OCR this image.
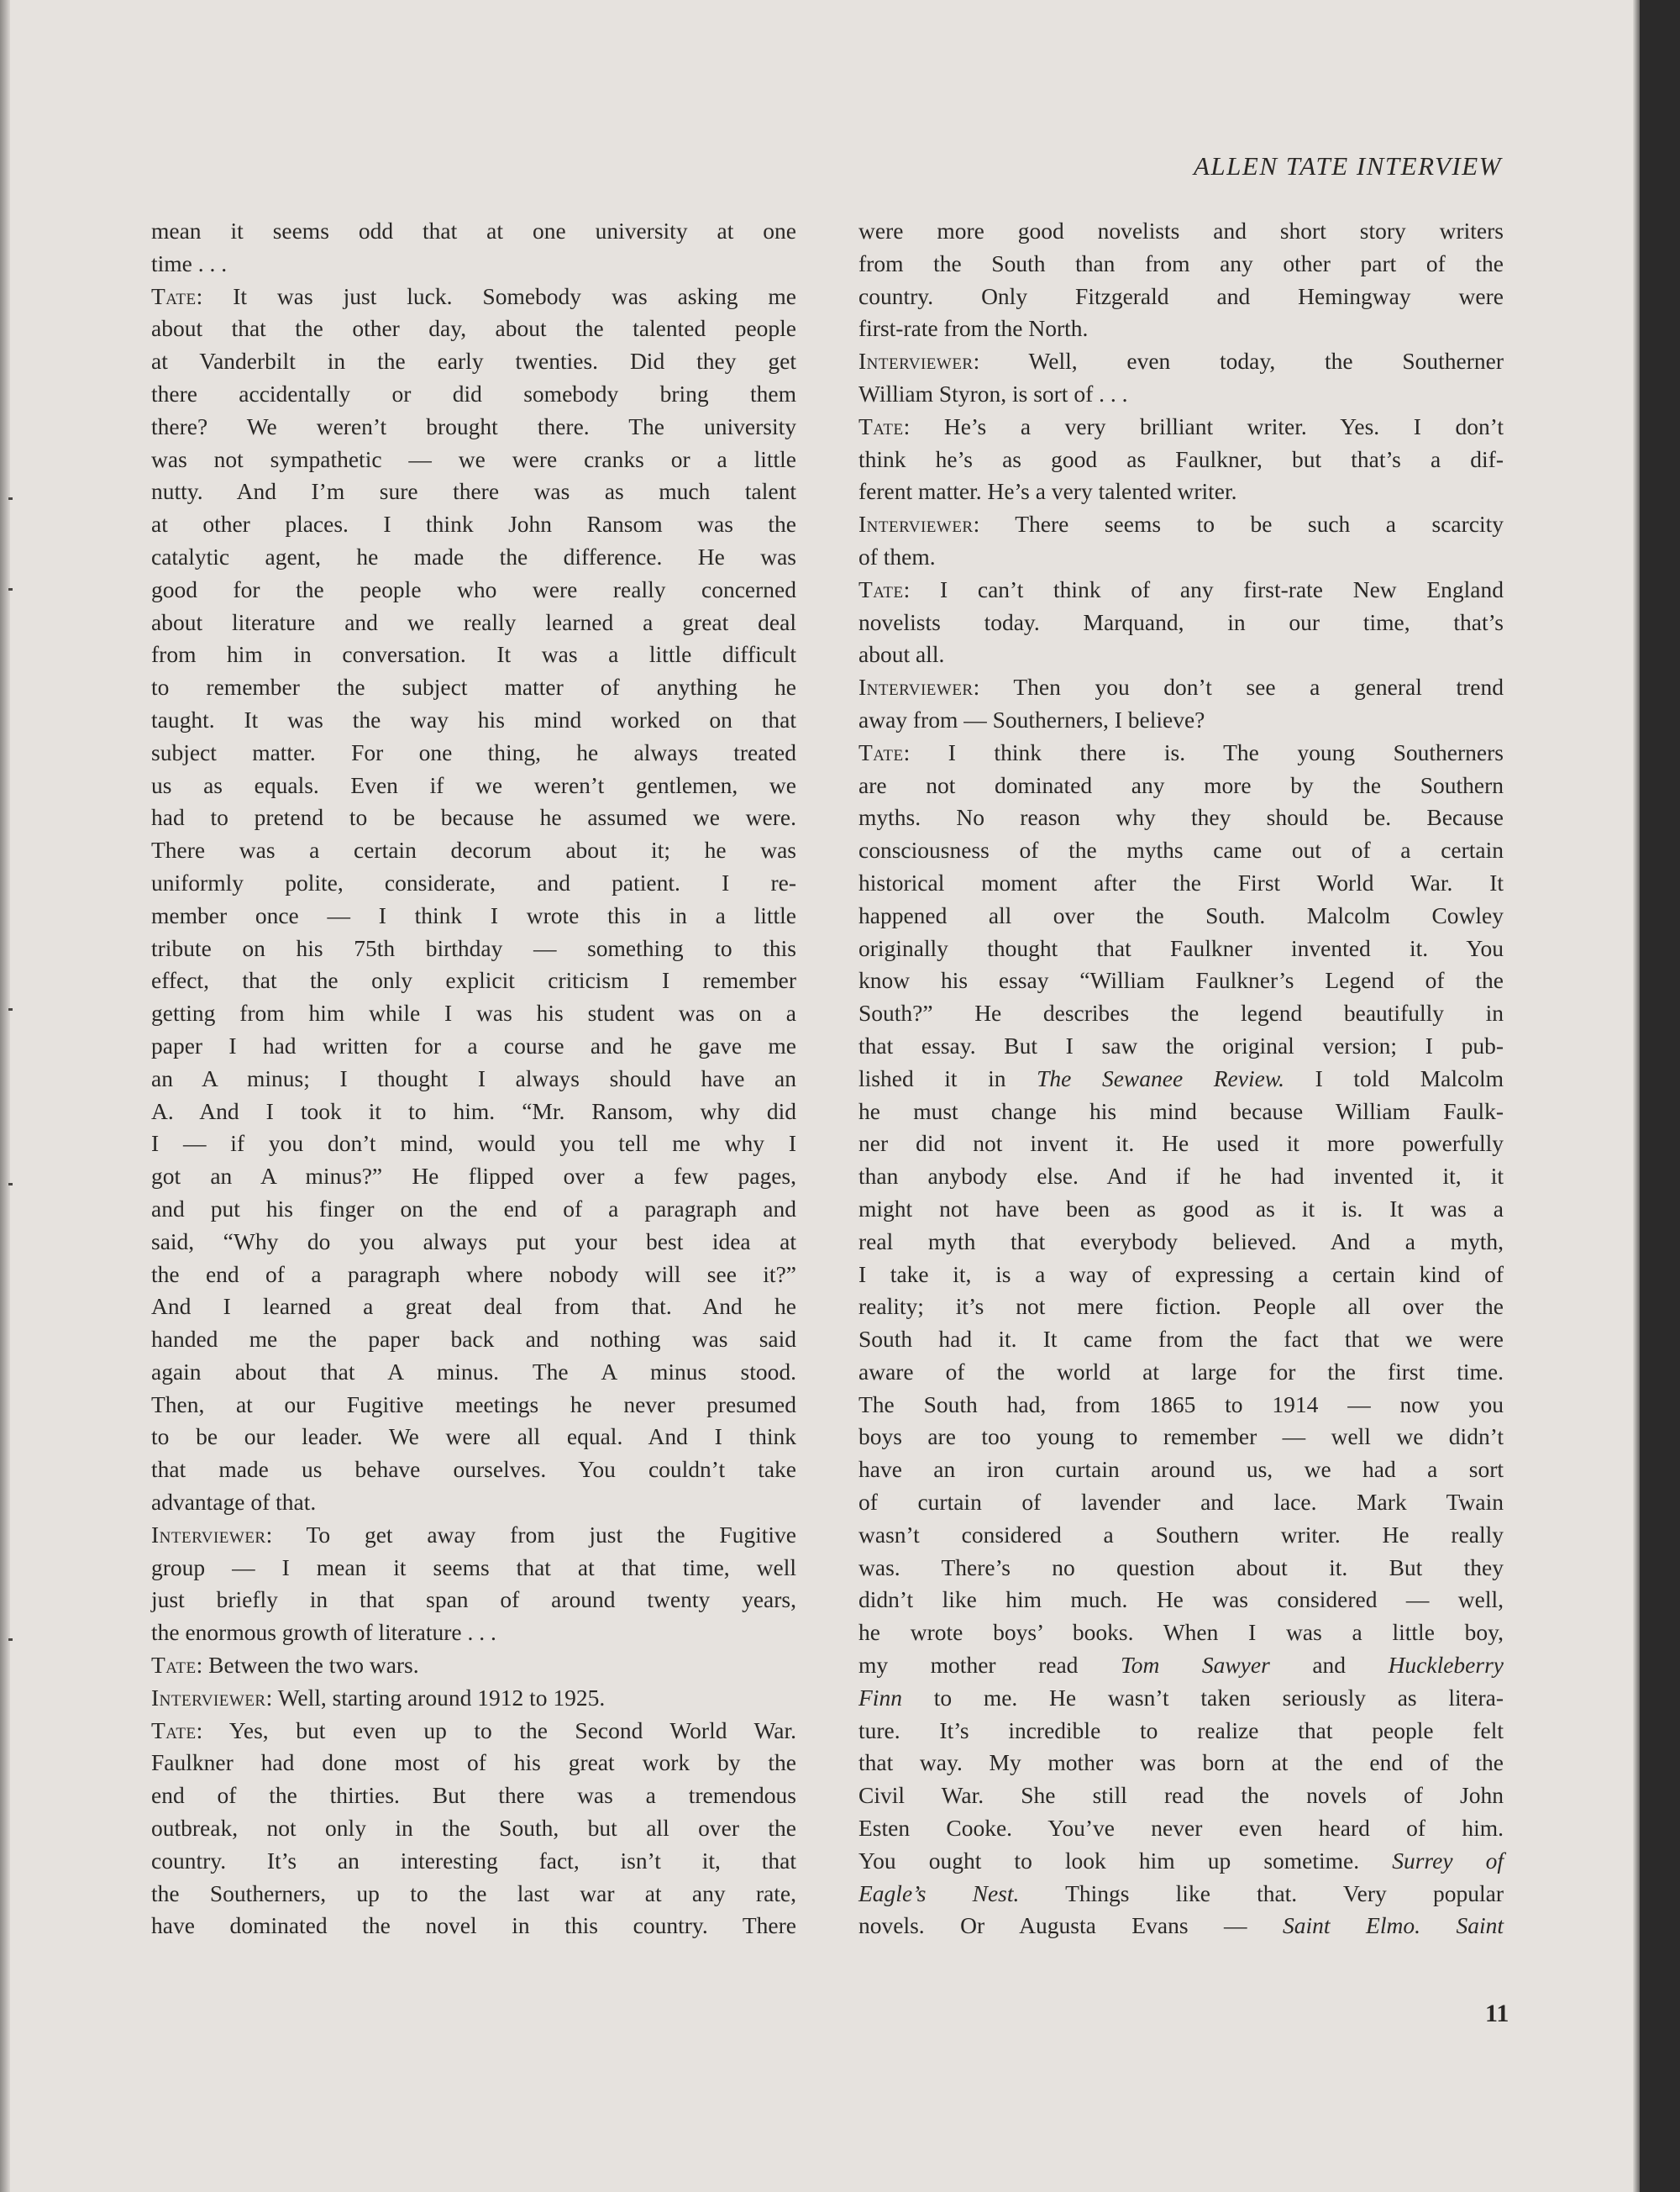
ALLEN TATE INTERVIEW
mean it seems odd that at one university at one
time . . .
Tate: It was just luck. Somebody was asking me
about that the other day, about the talented people
at Vanderbilt in the early twenties. Did they get
there accidentally or did somebody bring them
there? We weren’t brought there. The university
was not sympathetic — we were cranks or a little
nutty. And I’m sure there was as much talent
at other places. I think John Ransom was the
catalytic agent, he made the difference. He was
good for the people who were really concerned
about literature and we really learned a great deal
from him in conversation. It was a little difficult
to remember the subject matter of anything he
taught. It was the way his mind worked on that
subject matter. For one thing, he always treated
us as equals. Even if we weren’t gentlemen, we
had to pretend to be because he assumed we were.
There was a certain decorum about it; he was
uniformly polite, considerate, and patient. I re-
member once — I think I wrote this in a little
tribute on his 75th birthday — something to this
effect, that the only explicit criticism I remember
getting from him while I was his student was on a
paper I had written for a course and he gave me
an A minus; I thought I always should have an
A. And I took it to him. “Mr. Ransom, why did
I — if you don’t mind, would you tell me why I
got an A minus?” He flipped over a few pages,
and put his finger on the end of a paragraph and
said, “Why do you always put your best idea at
the end of a paragraph where nobody will see it?”
And I learned a great deal from that. And he
handed me the paper back and nothing was said
again about that A minus. The A minus stood.
Then, at our Fugitive meetings he never presumed
to be our leader. We were all equal. And I think
that made us behave ourselves. You couldn’t take
advantage of that.
Interviewer: To get away from just the Fugitive
group — I mean it seems that at that time, well
just briefly in that span of around twenty years,
the enormous growth of literature . . .
Tate: Between the two wars.
Interviewer: Well, starting around 1912 to 1925.
Tate: Yes, but even up to the Second World War.
Faulkner had done most of his great work by the
end of the thirties. But there was a tremendous
outbreak, not only in the South, but all over the
country. It’s an interesting fact, isn’t it, that
the Southerners, up to the last war at any rate,
have dominated the novel in this country. There
were more good novelists and short story writers
from the South than from any other part of the
country. Only Fitzgerald and Hemingway were
first-rate from the North.
Interviewer: Well, even today, the Southerner
William Styron, is sort of . . .
Tate: He’s a very brilliant writer. Yes. I don’t
think he’s as good as Faulkner, but that’s a dif-
ferent matter. He’s a very talented writer.
Interviewer: There seems to be such a scarcity
of them.
Tate: I can’t think of any first-rate New England
novelists today. Marquand, in our time, that’s
about all.
Interviewer: Then you don’t see a general trend
away from — Southerners, I believe?
Tate: I think there is. The young Southerners
are not dominated any more by the Southern
myths. No reason why they should be. Because
consciousness of the myths came out of a certain
historical moment after the First World War. It
happened all over the South. Malcolm Cowley
originally thought that Faulkner invented it. You
know his essay “William Faulkner’s Legend of the
South?” He describes the legend beautifully in
that essay. But I saw the original version; I pub-
lished it in The Sewanee Review. I told Malcolm
he must change his mind because William Faulk-
ner did not invent it. He used it more powerfully
than anybody else. And if he had invented it, it
might not have been as good as it is. It was a
real myth that everybody believed. And a myth,
I take it, is a way of expressing a certain kind of
reality; it’s not mere fiction. People all over the
South had it. It came from the fact that we were
aware of the world at large for the first time.
The South had, from 1865 to 1914 — now you
boys are too young to remember — well we didn’t
have an iron curtain around us, we had a sort
of curtain of lavender and lace. Mark Twain
wasn’t considered a Southern writer. He really
was. There’s no question about it. But they
didn’t like him much. He was considered — well,
he wrote boys’ books. When I was a little boy,
my mother read Tom Sawyer and Huckleberry
Finn to me. He wasn’t taken seriously as litera-
ture. It’s incredible to realize that people felt
that way. My mother was born at the end of the
Civil War. She still read the novels of John
Esten Cooke. You’ve never even heard of him.
You ought to look him up sometime. Surrey of
Eagle’s Nest. Things like that. Very popular
novels. Or Augusta Evans — Saint Elmo. Saint
11
